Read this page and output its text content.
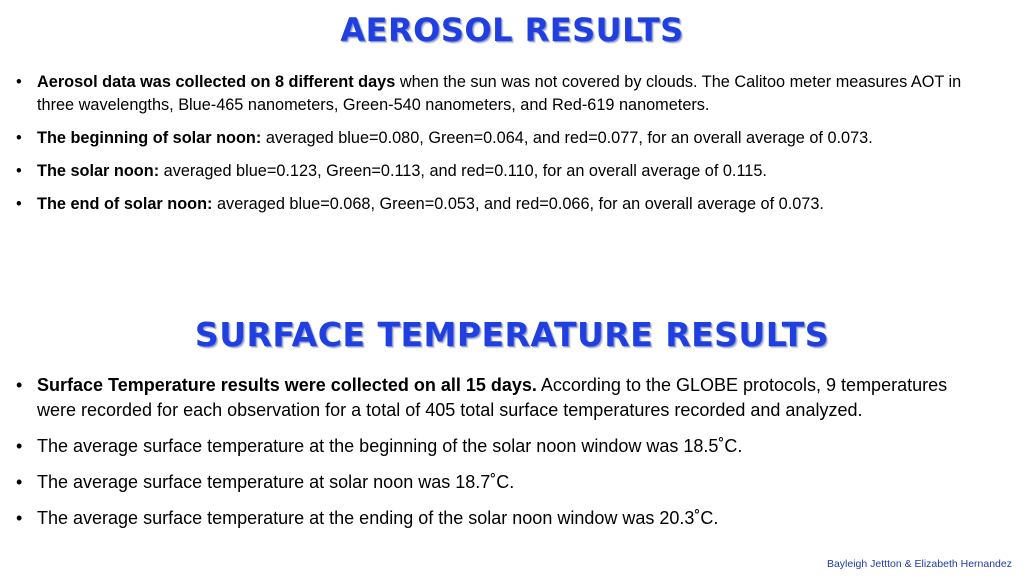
AEROSOL RESULTS
• Aerosol data was collected on 8 different days when the sun was not covered by clouds. The Calitoo meter measures AOT in three wavelengths, Blue-465 nanometers, Green-540 nanometers, and Red-619 nanometers.
• The beginning of solar noon: averaged blue=0.080, Green=0.064, and red=0.077, for an overall average of 0.073.
• The solar noon: averaged blue=0.123, Green=0.113, and red=0.110, for an overall average of 0.115.
• The end of solar noon: averaged blue=0.068, Green=0.053, and red=0.066, for an overall average of 0.073.
SURFACE TEMPERATURE RESULTS
• Surface Temperature results were collected on all 15 days. According to the GLOBE protocols, 9 temperatures were recorded for each observation for a total of 405 total surface temperatures recorded and analyzed.
• The average surface temperature at the beginning of the solar noon window was 18.5˚C.
• The average surface temperature at solar noon was 18.7˚C.
• The average surface temperature at the ending of the solar noon window was 20.3˚C.
Bayleigh Jettton & Elizabeth Hernandez
